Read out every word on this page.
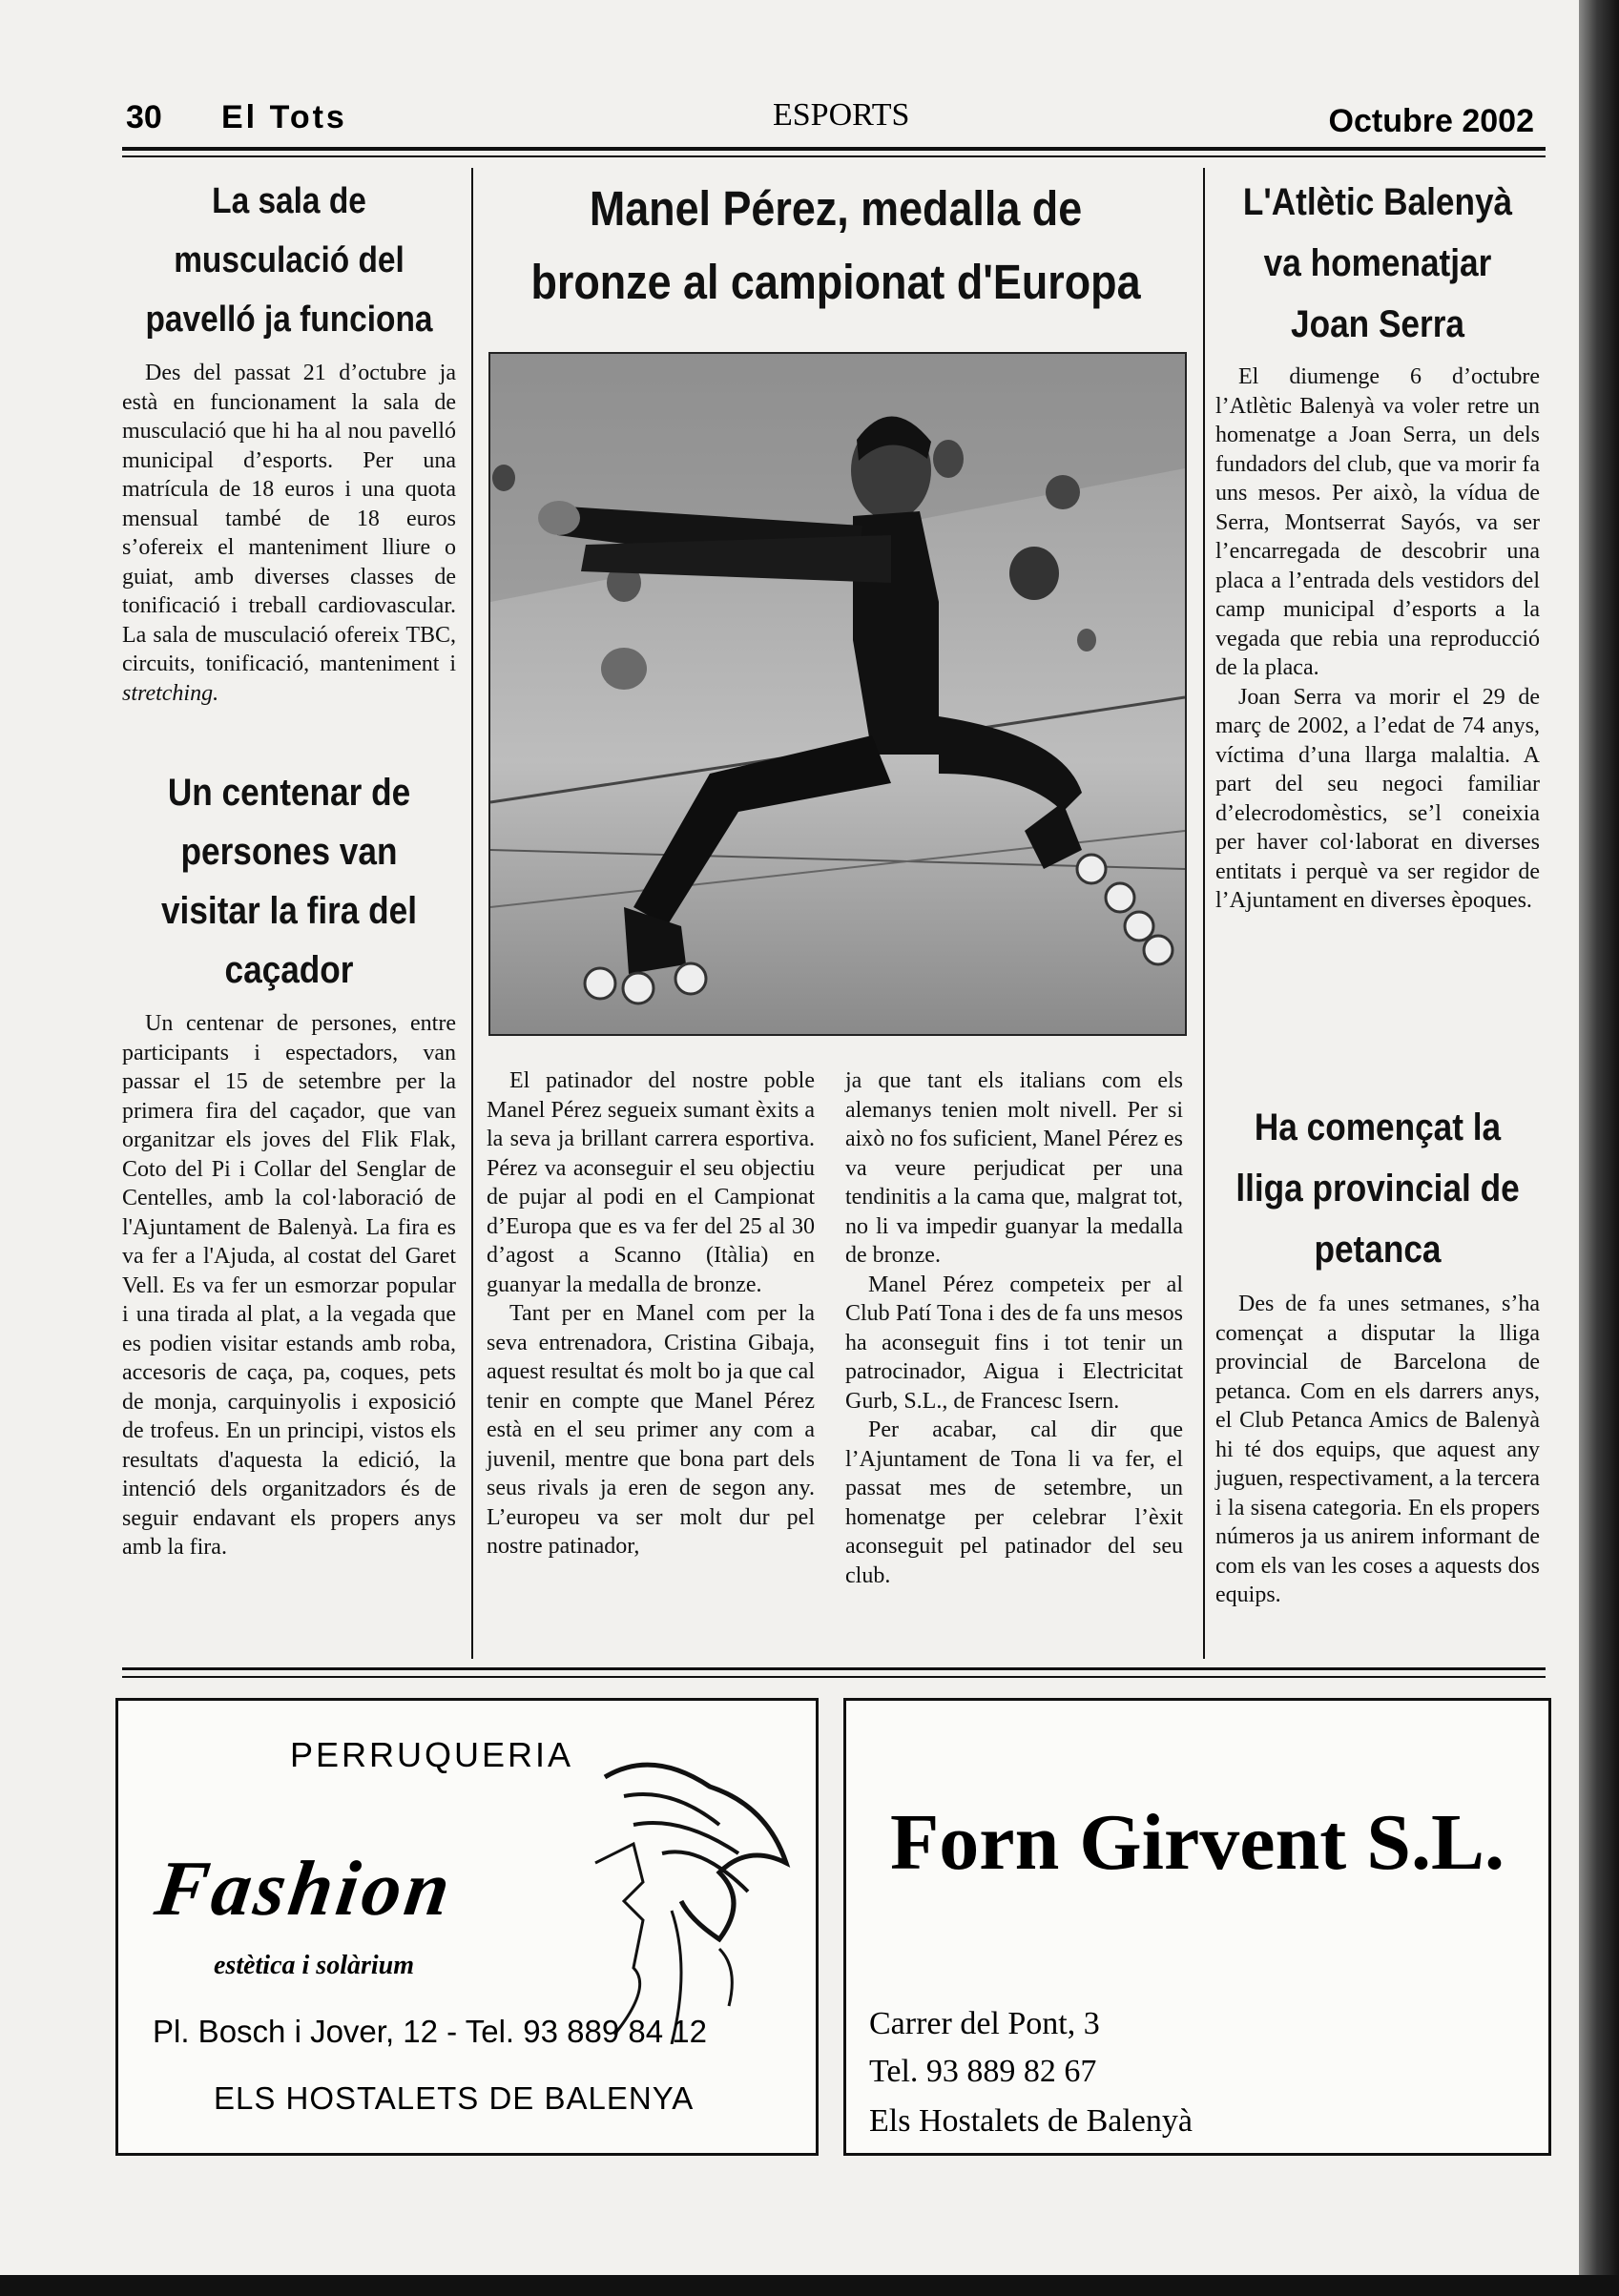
30 El Tots	ESPORTS	Octubre 2002
La sala de musculació del pavelló ja funciona

Des del passat 21 d’octubre ja està en funcionament la sala de musculació que hi ha al nou pavelló municipal d’esports. Per una matrícula de 18 euros i una quota mensual també de 18 euros s’ofereix el manteniment lliure o guiat, amb diverses classes de tonificació i treball cardiovascular. La sala de musculació ofereix TBC, circuits, tonificació, manteniment i stretching.

Un centenar de persones van visitar la fira del caçador

Un centenar de persones, entre participants i espectadors, van passar el 15 de setembre per la primera fira del caçador, que van organitzar els joves del Flik Flak, Coto del Pi i Collar del Senglar de Centelles, amb la col·laboració de l'Ajuntament de Balenyà. La fira es va fer a l'Ajuda, al costat del Garet Vell. Es va fer un esmorzar popular i una tirada al plat, a la vegada que es podien visitar estands amb roba, accesoris de caça, pa, coques, pets de monja, carquinyolis i exposició de trofeus. En un principi, vistos els resultats d'aquesta la edició, la intenció dels organitzadors és de seguir endavant els propers anys amb la fira.

Manel Pérez, medalla de bronze al campionat d'Europa

El patinador del nostre poble Manel Pérez segueix sumant èxits a la seva ja brillant carrera esportiva. Pérez va aconseguir el seu objectiu de pujar al podi en el Campionat d’Europa que es va fer del 25 al 30 d’agost a Scanno (Itàlia) en guanyar la medalla de bronze.

Tant per en Manel com per la seva entrenadora, Cristina Gibaja, aquest resultat és molt bo ja que cal tenir en compte que Manel Pérez està en el seu primer any com a juvenil, mentre que bona part dels seus rivals ja eren de segon any. L’europeu va ser molt dur pel nostre patinador,

ja que tant els italians com els alemanys tenien molt nivell. Per si això no fos suficient, Manel Pérez es va veure perjudicat per una tendinitis a la cama que, malgrat tot, no li va impedir guanyar la medalla de bronze.

Manel Pérez competeix per al Club Patí Tona i des de fa uns mesos ha aconseguit fins i tot tenir un patrocinador, Aigua i Electricitat Gurb, S.L., de Francesc Isern.

Per acabar, cal dir que l’Ajuntament de Tona li va fer, el passat mes de setembre, un homenatge per celebrar l’èxit aconseguit pel patinador del seu club.

L'Atlètic Balenyà va homenatjar Joan Serra

El diumenge 6 d’octubre l’Atlètic Balenyà va voler retre un homenatge a Joan Serra, un dels fundadors del club, que va morir fa uns mesos. Per això, la vídua de Serra, Montserrat Sayós, va ser l’encarregada de descobrir una placa a l’entrada dels vestidors del camp municipal d’esports a la vegada que rebia una reproducció de la placa.

Joan Serra va morir el 29 de març de 2002, a l’edat de 74 anys, víctima d’una llarga malaltia. A part del seu negoci familiar d’elecrodomèstics, se’l coneixia per haver col·laborat en diverses entitats i perquè va ser regidor de l’Ajuntament en diverses èpoques.

Ha començat la lliga provincial de petanca

Des de fa unes setmanes, s’ha començat a disputar la lliga provincial de Barcelona de petanca. Com en els darrers anys, el Club Petanca Amics de Balenyà hi té dos equips, que aquest any juguen, respectivament, a la tercera i la sisena categoria. En els propers números ja us anirem informant de com els van les coses a aquests dos equips.

PERRUQUERIA
Fashion
estètica i solàrium
Pl. Bosch i Jover, 12 - Tel. 93 889 84 12
ELS HOSTALETS DE BALENYA
Forn Girvent S.L.
Carrer del Pont, 3
Tel. 93 889 82 67
Els Hostalets de Balenyà
